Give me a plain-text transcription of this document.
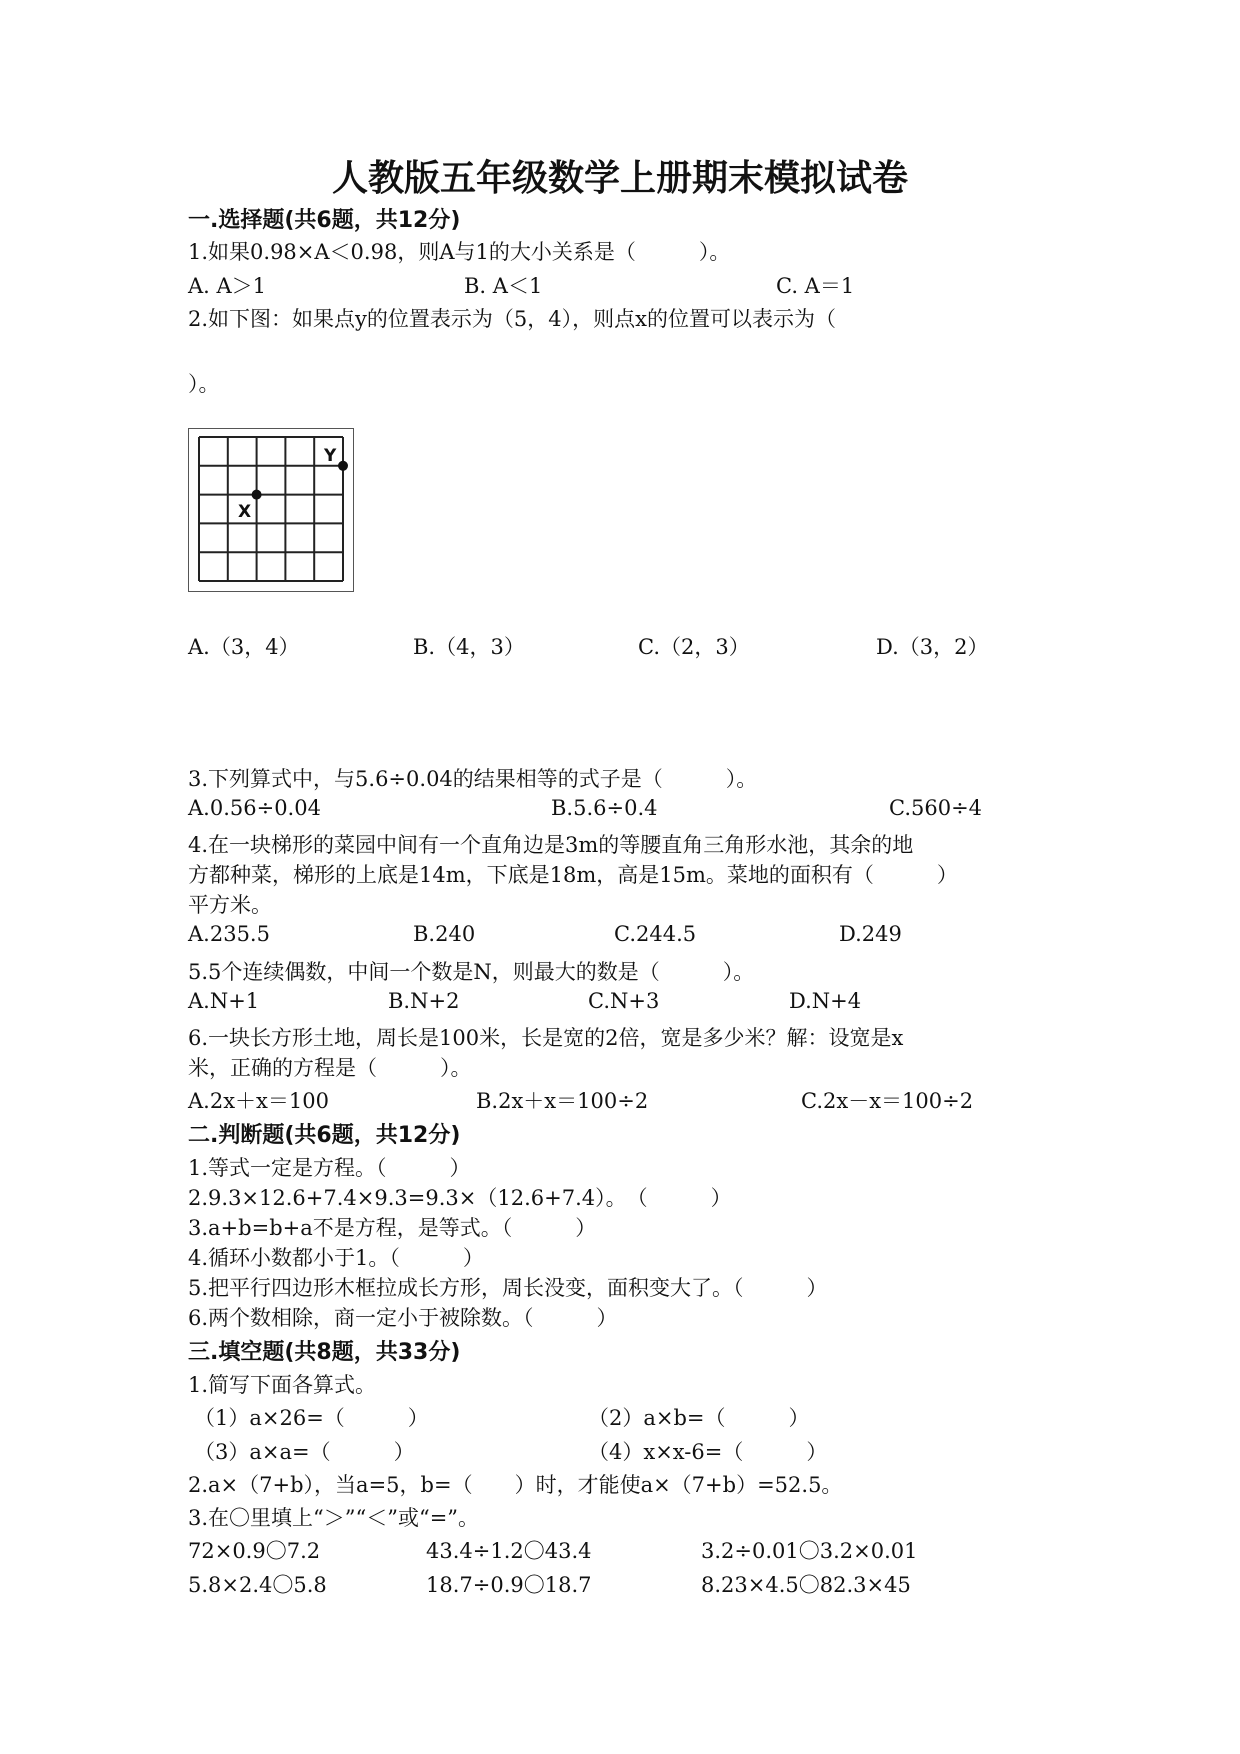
人教版五年级数学上册期末模拟试卷
一.选择题(共6题，共12分)
1.如果0.98×A＜0.98，则A与1的大小关系是（　　　）。
A. A＞1	B. A＜1	C. A＝1
2.如下图：如果点y的位置表示为（5，4），则点x的位置可以表示为（
）。
Y
X
A.（3，4）	B.（4，3）	C.（2，3）	D.（3，2）
3.下列算式中，与5.6÷0.04的结果相等的式子是（　　　）。
A.0.56÷0.04	B.5.6÷0.4	C.560÷4
4.在一块梯形的菜园中间有一个直角边是3m的等腰直角三角形水池，其余的地
方都种菜，梯形的上底是14m，下底是18m，高是15m。菜地的面积有（　　　）
平方米。
A.235.5	B.240	C.244.5	D.249
5.5个连续偶数，中间一个数是N，则最大的数是（　　　）。
A.N+1	B.N+2	C.N+3	D.N+4
6.一块长方形土地，周长是100米，长是宽的2倍，宽是多少米？解：设宽是x
米，正确的方程是（　　　）。
A.2x＋x＝100	B.2x＋x＝100÷2	C.2x－x＝100÷2
二.判断题(共6题，共12分)
1.等式一定是方程。（　　　）
2.9.3×12.6+7.4×9.3=9.3×（12.6+7.4）。　（　　　）
3.a+b=b+a不是方程，是等式。（　　　）
4.循环小数都小于1。（　　　）
5.把平行四边形木框拉成长方形，周长没变，面积变大了。（　　　）
6.两个数相除，商一定小于被除数。（　　　）
三.填空题(共8题，共33分)
1.简写下面各算式。
（1）a×26=（　　　）	（2）a×b=（　　　）
（3）a×a=（　　　）	（4）x×x-6=（　　　）
2.a×（7+b），当a=5，b=（　　）时，才能使a×（7+b）=52.5。
3.在〇里填上“＞”“＜”或“=”。
72×0.9〇7.2	43.4÷1.2〇43.4	3.2÷0.01〇3.2×0.01
5.8×2.4〇5.8	18.7÷0.9〇18.7	8.23×4.5〇82.3×45
